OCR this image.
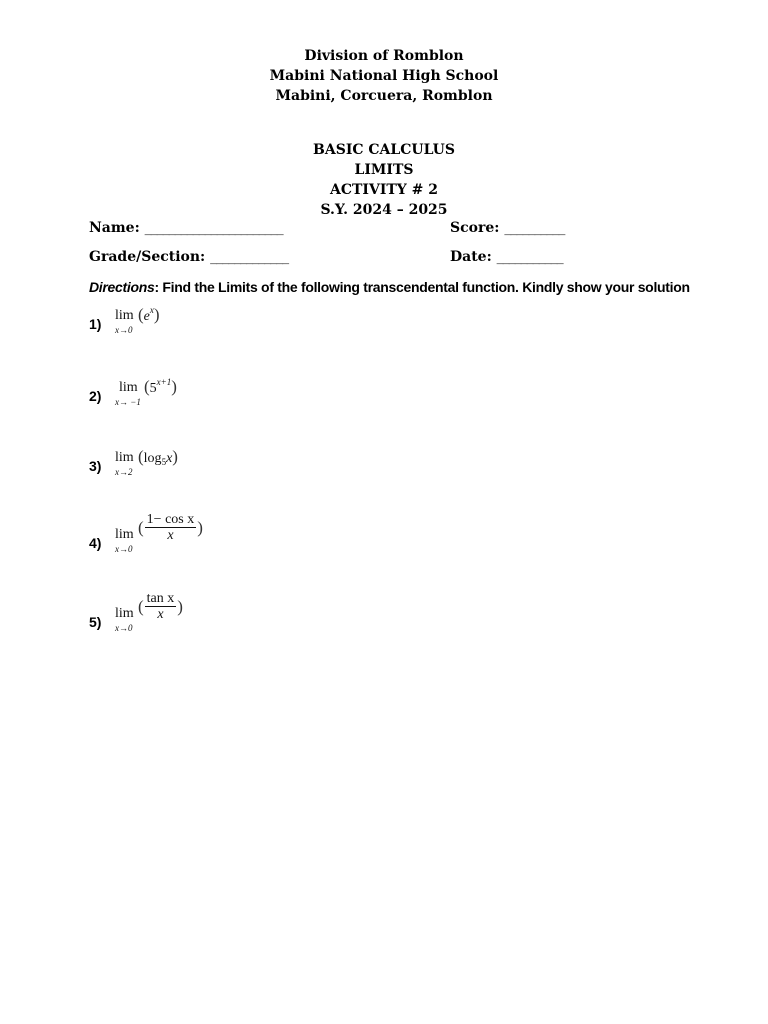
Division of Romblon
Mabini National High School
Mabini, Corcuera, Romblon
BASIC CALCULUS
LIMITS
ACTIVITY # 2
S.Y. 2024 – 2025
Name: _______________________	Score: __________
Grade/Section: _____________	Date: ___________
Directions: Find the Limits of the following transcendental function. Kindly show your solution
1)
lim
x→0
$(e^x)$
2)
lim
x→ −1
$(5^{x+1})$
3)
lim
x→2
$(\log_5x)$
4)
lim
x→0
( $\frac{\text{1− cos x}}{x}$ )
5)
lim
x→0
( $\frac{\text{tan x}}{x}$ )
